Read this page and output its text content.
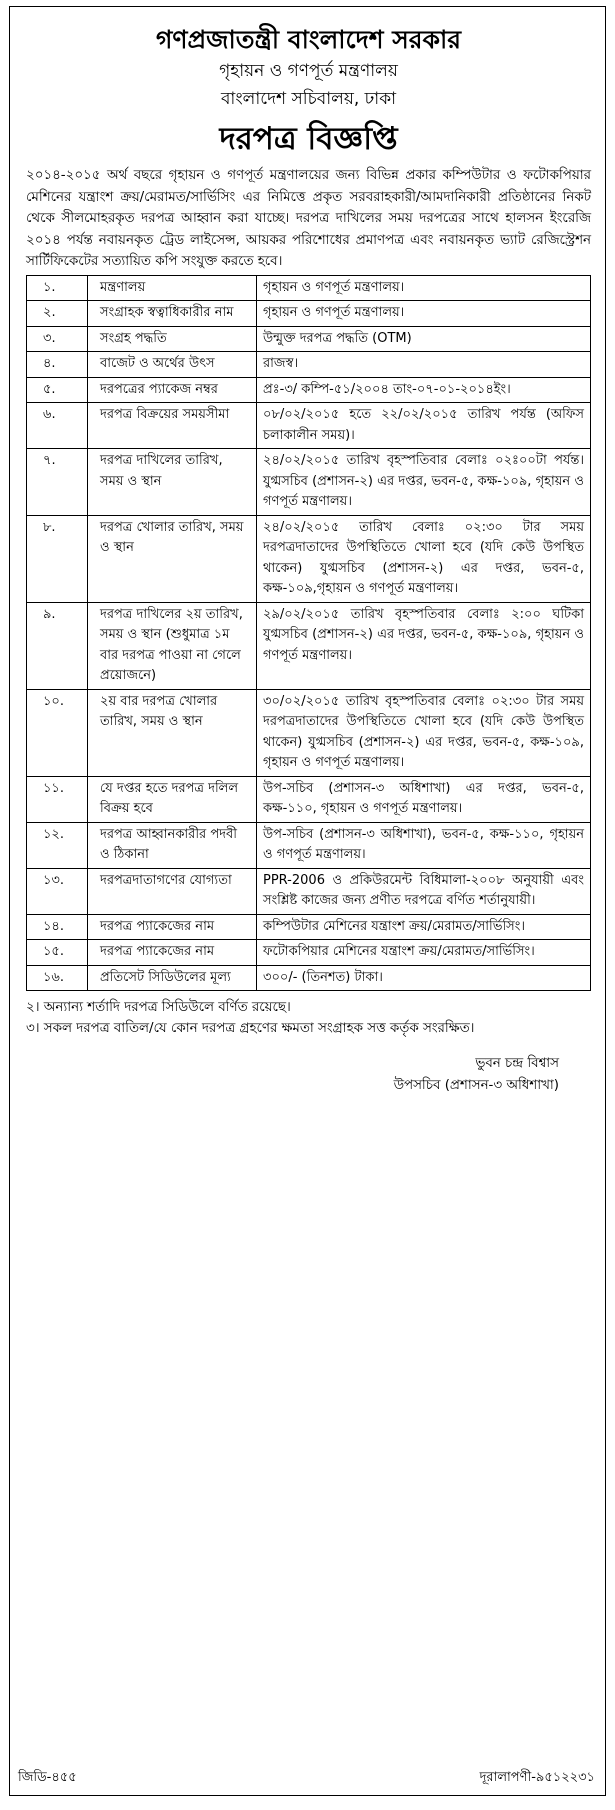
গণপ্রজাতন্ত্রী বাংলাদেশ সরকার
গৃহায়ন ও গণপূর্ত মন্ত্রণালয়
বাংলাদেশ সচিবালয়, ঢাকা
দরপত্র বিজ্ঞপ্তি
২০১৪-২০১৫ অর্থ বছরে গৃহায়ন ও গণপূর্ত মন্ত্রণালয়ের জন্য বিভিন্ন প্রকার কম্পিউটার ও ফটোকপিয়ার মেশিনের যন্ত্রাংশ ক্রয়/মেরামত/সার্ভিসিং এর নিমিত্তে প্রকৃত সরবরাহকারী/আমদানিকারী প্রতিষ্ঠানের নিকট থেকে সীলমোহরকৃত দরপত্র আহ্বান করা যাচ্ছে। দরপত্র দাখিলের সময় দরপত্রের সাথে হালসন ইংরেজি ২০১৪ পর্যন্ত নবায়নকৃত ট্রেড লাইসেন্স, আয়কর পরিশোধের প্রমাণপত্র এবং নবায়নকৃত ভ্যাট রেজিস্ট্রেশন সার্টিফিকেটের সত্যায়িত কপি সংযুক্ত করতে হবে।
১.	মন্ত্রণালয়	গৃহায়ন ও গণপূর্ত মন্ত্রণালয়।
২.	সংগ্রাহক স্বত্বাধিকারীর নাম	গৃহায়ন ও গণপূর্ত মন্ত্রণালয়।
৩.	সংগ্রহ পদ্ধতি	উন্মুক্ত দরপত্র পদ্ধতি (OTM)
৪.	বাজেট ও অর্থের উৎস	রাজস্ব।
৫.	দরপত্রের প্যাকেজ নম্বর	প্রঃ-৩/ কম্পি-৫১/২০০৪ তাং-০৭-০১-২০১৪ইং।
৬.	দরপত্র বিক্রয়ের সময়সীমা	০৮/০২/২০১৫ হতে ২২/০২/২০১৫ তারিখ পর্যন্ত (অফিস চলাকালীন সময়)।
৭.	দরপত্র দাখিলের তারিখ, সময় ও স্থান	২৪/০২/২০১৫ তারিখ বৃহস্পতিবার বেলাঃ ০২ঃ০০টা পর্যন্ত। যুগ্মসচিব (প্রশাসন-২) এর দপ্তর, ভবন-৫, কক্ষ-১০৯, গৃহায়ন ও গণপূর্ত মন্ত্রণালয়।
৮.	দরপত্র খোলার তারিখ, সময় ও স্থান	২৪/০২/২০১৫ তারিখ বেলাঃ ০২:৩০ টার সময় দরপত্রদাতাদের উপস্থিতিতে খোলা হবে (যদি কেউ উপস্থিত থাকেন) যুগ্মসচিব (প্রশাসন-২) এর দপ্তর, ভবন-৫, কক্ষ-১০৯,গৃহায়ন ও গণপূর্ত মন্ত্রণালয়।
৯.	দরপত্র দাখিলের ২য় তারিখ, সময় ও স্থান (শুধুমাত্র ১ম বার দরপত্র পাওয়া না গেলে প্রয়োজনে)	২৯/০২/২০১৫ তারিখ বৃহস্পতিবার বেলাঃ ২:০০ ঘটিকা যুগ্মসচিব (প্রশাসন-২) এর দপ্তর, ভবন-৫, কক্ষ-১০৯, গৃহায়ন ও গণপূর্ত মন্ত্রণালয়।
১০.	২য় বার দরপত্র খোলার তারিখ, সময় ও স্থান	৩০/০২/২০১৫ তারিখ বৃহস্পতিবার বেলাঃ ০২:৩০ টার সময় দরপত্রদাতাদের উপস্থিতিতে খোলা হবে (যদি কেউ উপস্থিত থাকেন) যুগ্মসচিব (প্রশাসন-২) এর দপ্তর, ভবন-৫, কক্ষ-১০৯, গৃহায়ন ও গণপূর্ত মন্ত্রণালয়।
১১.	যে দপ্তর হতে দরপত্র দলিল বিক্রয় হবে	উপ-সচিব (প্রশাসন-৩ অধিশাখা) এর দপ্তর, ভবন-৫, কক্ষ-১১০, গৃহায়ন ও গণপূর্ত মন্ত্রণালয়।
১২.	দরপত্র আহ্বানকারীর পদবী ও ঠিকানা	উপ-সচিব (প্রশাসন-৩ অধিশাখা), ভবন-৫, কক্ষ-১১০, গৃহায়ন ও গণপূর্ত মন্ত্রণালয়।
১৩.	দরপত্রদাতাগণের যোগ্যতা	PPR-2006 ও প্রকিউরমেন্ট বিধিমালা-২০০৮ অনুযায়ী এবং সংশ্লিষ্ট কাজের জন্য প্রণীত দরপত্রে বর্ণিত শর্তানুযায়ী।
১৪.	দরপত্র প্যাকেজের নাম	কম্পিউটার মেশিনের যন্ত্রাংশ ক্রয়/মেরামত/সার্ভিসিং।
১৫.	দরপত্র প্যাকেজের নাম	ফটোকপিয়ার মেশিনের যন্ত্রাংশ ক্রয়/মেরামত/সার্ভিসিং।
১৬.	প্রতিসেট সিডিউলের মূল্য	৩০০/- (তিনশত) টাকা।
২। অন্যান্য শর্তাদি দরপত্র সিডিউলে বর্ণিত রয়েছে।
৩। সকল দরপত্র বাতিল/যে কোন দরপত্র গ্রহণের ক্ষমতা সংগ্রাহক সত্ত কর্তৃক সংরক্ষিত।
ভুবন চন্দ্র বিশ্বাস
উপসচিব (প্রশাসন-৩ অধিশাখা)
জিডি-৪৫৫	দূরালাপণী-৯৫১২২৩১
